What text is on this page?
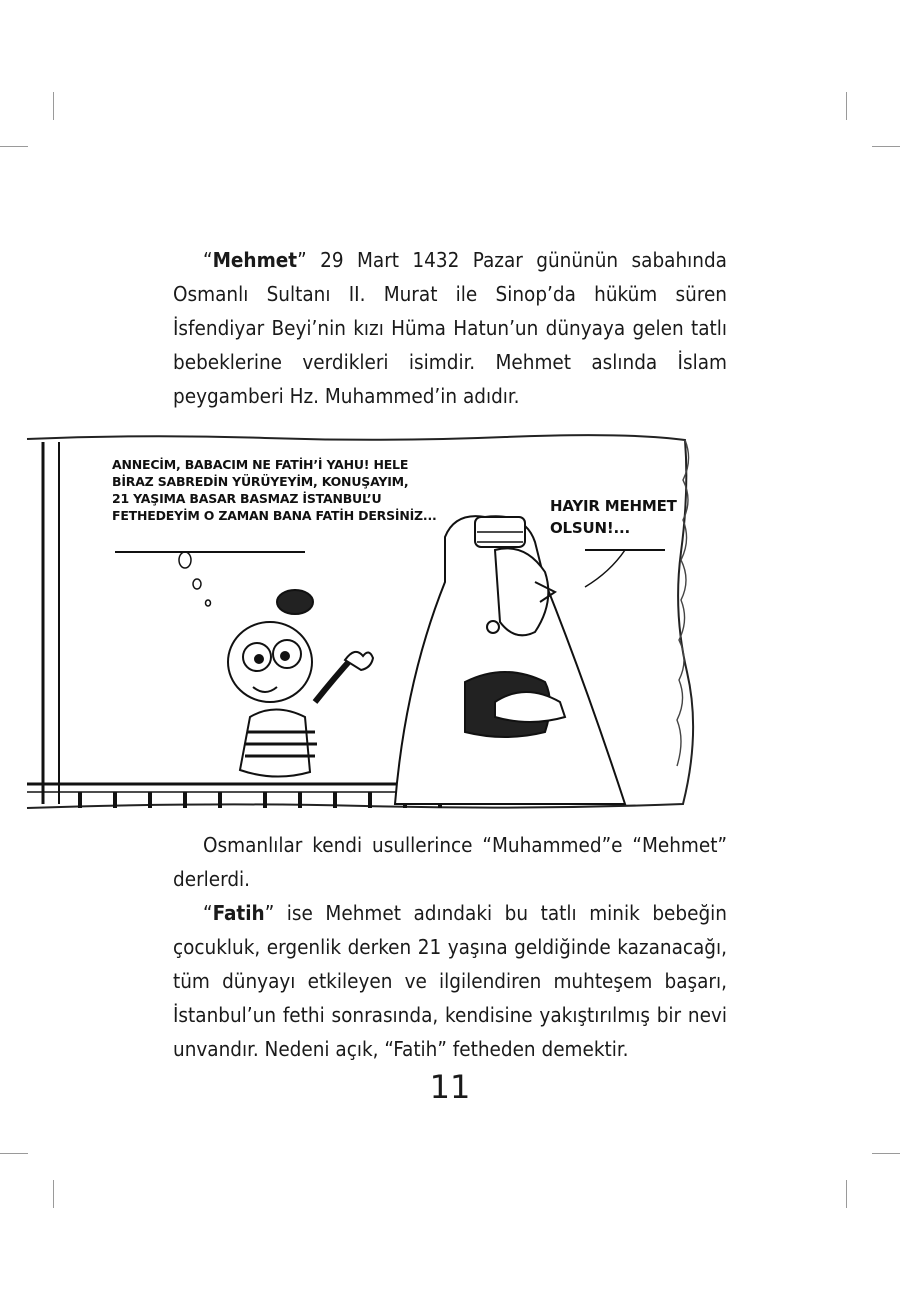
“Mehmet” 29 Mart 1432 Pazar gününün sabahında Osmanlı Sultanı II. Murat ile Sinop’da hüküm süren İsfendiyar Beyi’nin kızı Hüma Hatun’un dünyaya gelen tatlı bebeklerine verdikleri isimdir. Mehmet aslında İslam peygamberi Hz. Muhammed’in adıdır.

ANNECİM, BABACIM NE FATİH’İ YAHU! HELE
BİRAZ SABREDİN YÜRÜYEYİM, KONUŞAYIM,
21 YAŞIMA BASAR BASMAZ İSTANBUL’U
FETHEDEYİM O ZAMAN BANA FATİH DERSİNİZ...
HAYIR MEHMET
OLSUN!...

Osmanlılar kendi usullerince “Muhammed”e “Mehmet” derlerdi.

“Fatih” ise Mehmet adındaki bu tatlı minik bebeğin çocukluk, ergenlik derken 21 yaşına geldiğinde kazanacağı, tüm dünyayı etkileyen ve ilgilendiren muhteşem başarı, İstanbul’un fethi sonrasında, kendisine yakıştırılmış bir nevi unvandır. Nedeni açık, “Fatih” fetheden demektir.

11
